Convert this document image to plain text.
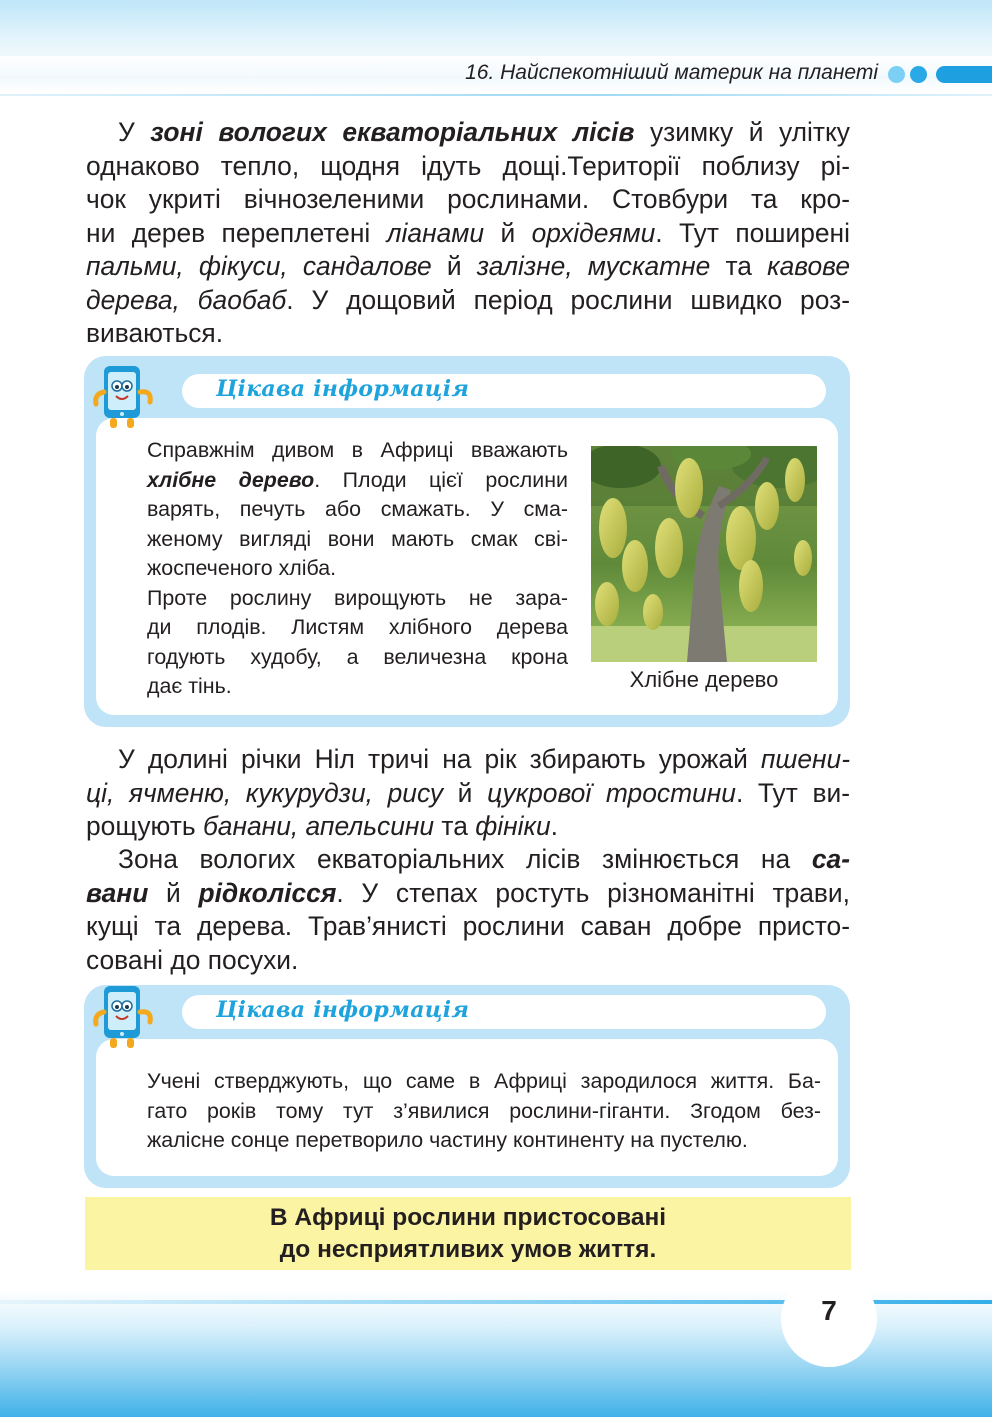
16. Найспекотніший материк на планеті
У зоні вологих екваторіальних лісів узимку й улітку
однаково тепло, щодня ідуть дощі.Території поблизу рі-
чок укриті вічнозеленими рослинами. Стовбури та кро-
ни дерев переплетені ліанами й орхідеями. Тут поширені
пальми, фікуси, сандалове й залізне, мускатне та кавове
дерева, баобаб. У дощовий період рослини швидко роз-
виваються.
Цікава інформація
Справжнім дивом в Африці вважають
хлібне дерево. Плоди цієї рослини
варять, печуть або смажать. У сма-
женому вигляді вони мають смак сві-
жоспеченого хліба.
Проте рослину вирощують не зара-
ди плодів. Листям хлібного дерева
годують худобу, а величезна крона
дає тінь.	Хлібне дерево
У долині річки Ніл тричі на рік збирають урожай пшени-
ці, ячменю, кукурудзи, рису й цукрової тростини. Тут ви-
рощують банани, апельсини та фініки.
Зона вологих екваторіальних лісів змінюється на са-
вани й рідколісся. У степах ростуть різноманітні трави,
кущі та дерева. Трав’янисті рослини саван добре присто-
совані до посухи.
Цікава інформація
Учені стверджують, що саме в Африці зародилося життя. Ба-
гато років тому тут з’явилися рослини-гіганти. Згодом без-
жалісне сонце перетворило частину континенту на пустелю.
В Африці рослини пристосовані
до несприятливих умов життя.
7
